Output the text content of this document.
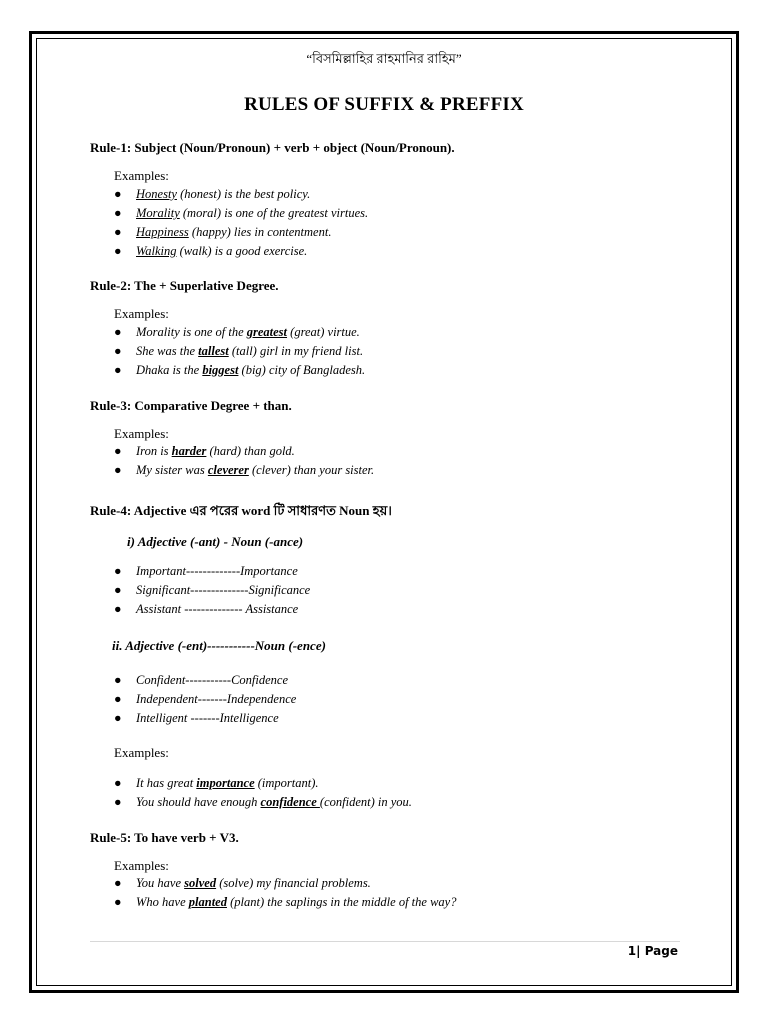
“বিসমিল্লাহির রাহমানির রাহিম”
RULES OF SUFFIX & PREFFIX
Rule-1: Subject (Noun/Pronoun) + verb + object (Noun/Pronoun).
Examples:
● Honesty (honest) is the best policy.
● Morality (moral) is one of the greatest virtues.
● Happiness (happy) lies in contentment.
● Walking (walk) is a good exercise.
Rule-2: The + Superlative Degree.
Examples:
● Morality is one of the greatest (great) virtue.
● She was the tallest (tall) girl in my friend list.
● Dhaka is the biggest (big) city of Bangladesh.
Rule-3: Comparative Degree + than.
Examples:
● Iron is harder (hard) than gold.
● My sister was cleverer (clever) than your sister.
Rule-4: Adjective এর পরের word টি সাধারণত Noun হয়।
i) Adjective (-ant) - Noun (-ance)
● Important-------------Importance
● Significant--------------Significance
● Assistant -------------- Assistance
ii. Adjective (-ent)-----------Noun (-ence)
● Confident-----------Confidence
● Independent-------Independence
● Intelligent -------Intelligence
Examples:
● It has great importance (important).
● You should have enough confidence (confident) in you.
Rule-5: To have verb + V3.
Examples:
● You have solved (solve) my financial problems.
● Who have planted (plant) the saplings in the middle of the way?
1| Page
